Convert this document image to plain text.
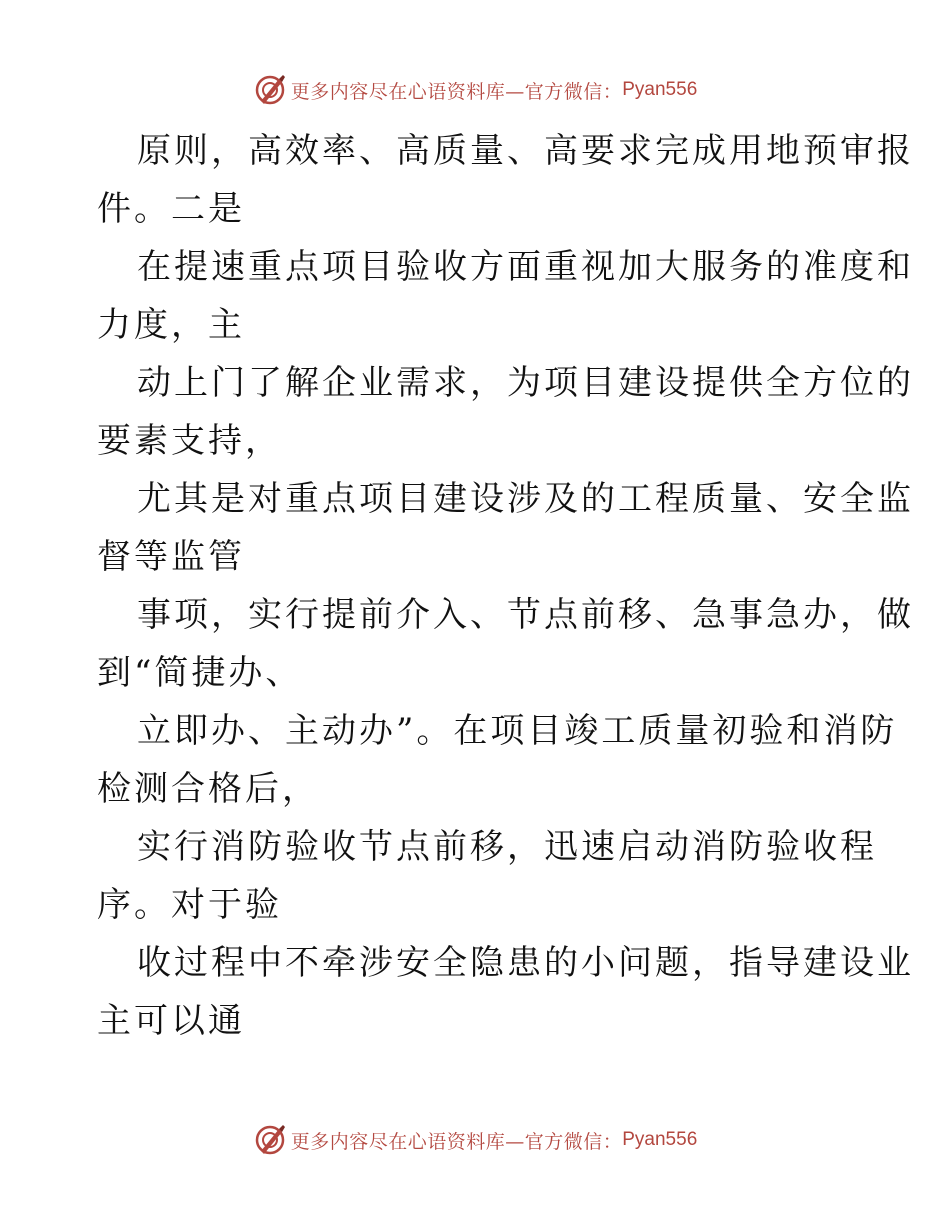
更多内容尽在心语资料库—官方微信： Pyan556
原则，高效率、高质量、高要求完成用地预审报
件。二是
在提速重点项目验收方面重视加大服务的准度和
力度，主
动上门了解企业需求，为项目建设提供全方位的
要素支持，
尤其是对重点项目建设涉及的工程质量、安全监
督等监管
事项，实行提前介入、节点前移、急事急办，做
到“简捷办、
立即办、主动办”。在项目竣工质量初验和消防
检测合格后，
实行消防验收节点前移，迅速启动消防验收程
序。对于验
收过程中不牵涉安全隐患的小问题，指导建设业
主可以通
更多内容尽在心语资料库—官方微信： Pyan556
